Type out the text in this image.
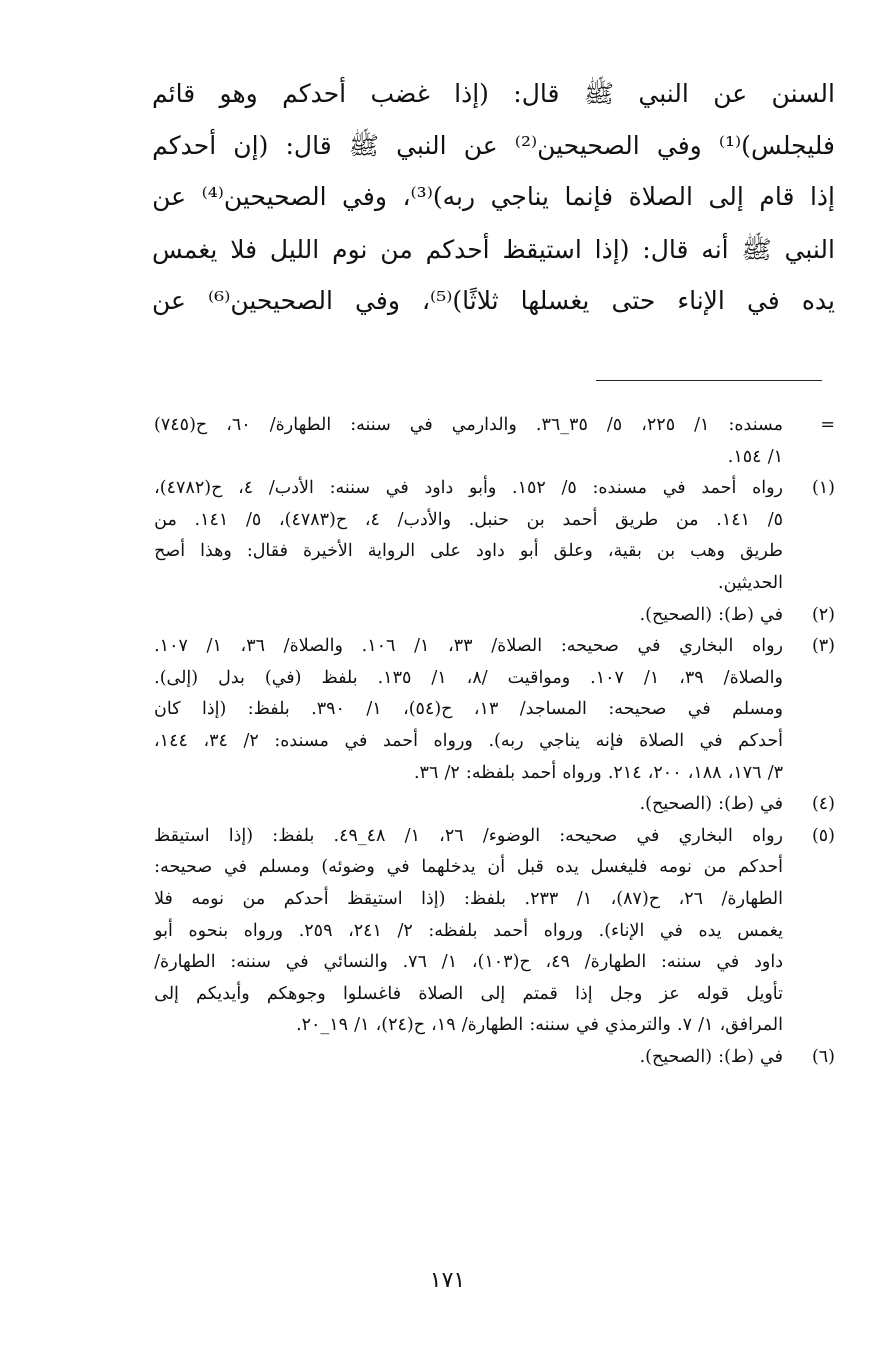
السنن
عن
النبي
ﷺ
قال:
(إذا
غضب
أحدكم
وهو
قائم
فليجلس)⁽¹⁾
وفي
الصحيحين⁽²⁾
عن
النبي
ﷺ
قال:
(إن
أحدكم
إذا
قام
إلى
الصلاة
فإنما
يناجي
ربه)⁽³⁾،
وفي
الصحيحين⁽⁴⁾
عن
النبي
ﷺ
أنه
قال:
(إذا
استيقظ
أحدكم
من
نوم
الليل
فلا
يغمس
يده
في
الإناء
حتى
يغسلها
ثلاثًا)⁽⁵⁾،
وفي
الصحيحين⁽⁶⁾
عن
=
مسنده:
١/
٢٢٥،
٥/
٣٥_٣٦.
والدارمي
في
سننه:
الطهارة/
٦٠،
ح(٧٤٥)
١/
١٥٤.
(١)
رواه
أحمد
في
مسنده:
٥/
١٥٢.
وأبو
داود
في
سننه:
الأدب/
٤،
ح(٤٧٨٢)،
٥/
١٤١.
من
طريق
أحمد
بن
حنبل.
والأدب/
٤،
ح(٤٧٨٣)،
٥/
١٤١.
من
طريق
وهب
بن
بقية،
وعلق
أبو
داود
على
الرواية
الأخيرة
فقال:
وهذا
أصح
الحديثين.
(٢)
في
(ط):
(الصحيح).
(٣)
رواه
البخاري
في
صحيحه:
الصلاة/
٣٣،
١/
١٠٦.
والصلاة/
٣٦،
١/
١٠٧.
والصلاة/
٣٩،
١/
١٠٧.
ومواقيت
/٨،
١/
١٣٥.
بلفظ
(في)
بدل
(إلى).
ومسلم
في
صحيحه:
المساجد/
١٣،
ح(٥٤)،
١/
٣٩٠.
بلفظ:
(إذا
كان
أحدكم
في
الصلاة
فإنه
يناجي
ربه).
ورواه
أحمد
في
مسنده:
٢/
٣٤،
١٤٤،
٣/
١٧٦،
١٨٨،
٢٠٠،
٢١٤.
ورواه
أحمد
بلفظه:
٢/
٣٦.
(٤)
في
(ط):
(الصحيح).
(٥)
رواه
البخاري
في
صحيحه:
الوضوء/
٢٦،
١/
٤٨_٤٩.
بلفظ:
(إذا
استيقظ
أحدكم
من
نومه
فليغسل
يده
قبل
أن
يدخلهما
في
وضوئه)
ومسلم
في
صحيحه:
الطهارة/
٢٦،
ح(٨٧)،
١/
٢٣٣.
بلفظ:
(إذا
استيقظ
أحدكم
من
نومه
فلا
يغمس
يده
في
الإناء).
ورواه
أحمد
بلفظه:
٢/
٢٤١،
٢٥٩.
ورواه
بنحوه
أبو
داود
في
سننه:
الطهارة/
٤٩،
ح(١٠٣)،
١/
٧٦.
والنسائي
في
سننه:
الطهارة/
تأويل
قوله
عز
وجل
إذا
قمتم
إلى
الصلاة
فاغسلوا
وجوهكم
وأيديكم
إلى
المرافق،
١/
٧.
والترمذي
في
سننه:
الطهارة/
١٩،
ح(٢٤)،
١/
١٩_٢٠.
(٦)
في
(ط):
(الصحيح).
١٧١
